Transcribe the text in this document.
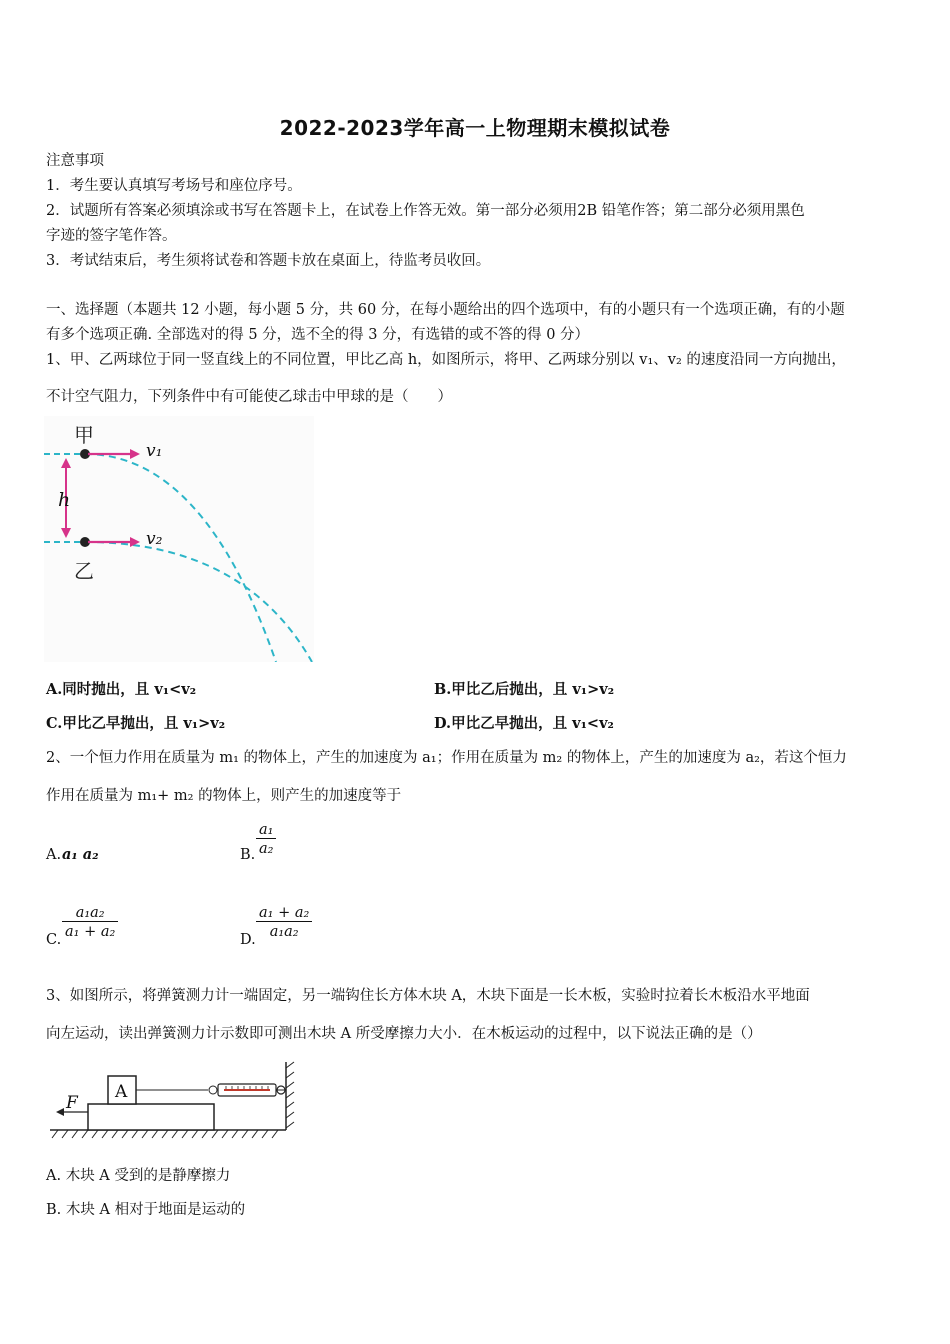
2022-2023学年高一上物理期末模拟试卷
注意事项
1．考生要认真填写考场号和座位序号。
2．试题所有答案必须填涂或书写在答题卡上，在试卷上作答无效。第一部分必须用2B 铅笔作答；第二部分必须用黑色
字迹的签字笔作答。
3．考试结束后，考生须将试卷和答题卡放在桌面上，待监考员收回。
一、选择题（本题共 12 小题，每小题 5 分，共 60 分，在每小题给出的四个选项中，有的小题只有一个选项正确，有的小题
有多个选项正确. 全部选对的得 5 分，选不全的得 3 分，有选错的或不答的得 0 分）
1、甲、乙两球位于同一竖直线上的不同位置，甲比乙高 h，如图所示，将甲、乙两球分别以 v₁、v₂ 的速度沿同一方向抛出，
不计空气阻力，下列条件中有可能使乙球击中甲球的是（　　）
h
v₁
v₂
甲
乙
A.同时抛出，且 v₁<v₂	B.甲比乙后抛出，且 v₁>v₂
C.甲比乙早抛出，且 v₁>v₂	D.甲比乙早抛出，且 v₁<v₂
2、一个恒力作用在质量为 m₁ 的物体上，产生的加速度为 a₁；作用在质量为 m₂ 的物体上，产生的加速度为 a₂，若这个恒力
作用在质量为 m₁+ m₂ 的物体上，则产生的加速度等于
A. a₁ a₂	B. $\frac{\text{a₁}}{\text{a₂}}$
C. $\frac{\text{a₁a₂}}{\text{a₁ + a₂}}$	D. $\frac{\text{a₁ + a₂}}{\text{a₁a₂}}$
3、如图所示，将弹簧测力计一端固定，另一端钩住长方体木块 A，木块下面是一长木板，实验时拉着长木板沿水平地面
向左运动，读出弹簧测力计示数即可测出木块 A 所受摩擦力大小．在木板运动的过程中，以下说法正确的是（）
A
F
A. 木块 A 受到的是静摩擦力
B. 木块 A 相对于地面是运动的
